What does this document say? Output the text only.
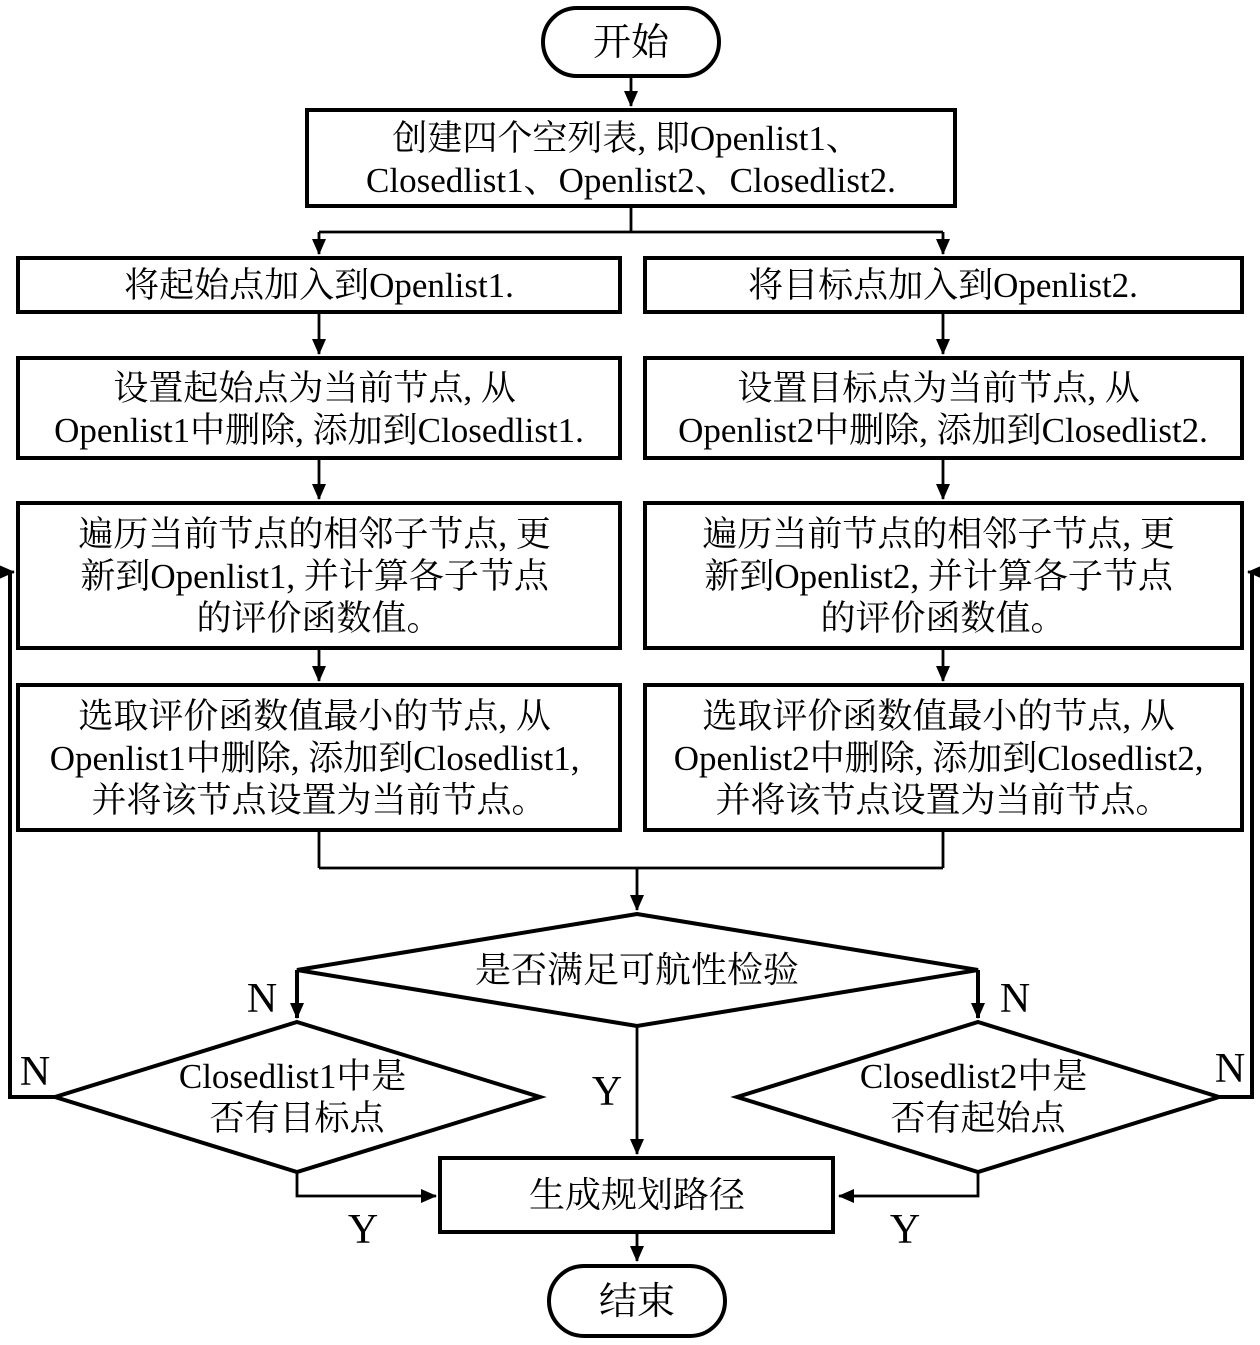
开始
创建四个空列表, 即Openlist1、 Closedlist1、Openlist2、Closedlist2.
将起始点加入到Openlist1.	将目标点加入到Openlist2.
设置起始点为当前节点, 从 Openlist1中删除, 添加到Closedlist1.
设置目标点为当前节点, 从 Openlist2中删除, 添加到Closedlist2.
遍历当前节点的相邻子节点, 更 新到Openlist1, 并计算各子节点 的评价函数值。
遍历当前节点的相邻子节点, 更 新到Openlist2, 并计算各子节点 的评价函数值。
选取评价函数值最小的节点, 从 Openlist1中删除, 添加到Closedlist1, 并将该节点设置为当前节点。
选取评价函数值最小的节点, 从 Openlist2中删除, 添加到Closedlist2, 并将该节点设置为当前节点。
是否满足可航性检验
Closedlist1中是 否有目标点
Closedlist2中是 否有起始点
生成规划路径
结束
N	N
N	N
Y
Y	Y
